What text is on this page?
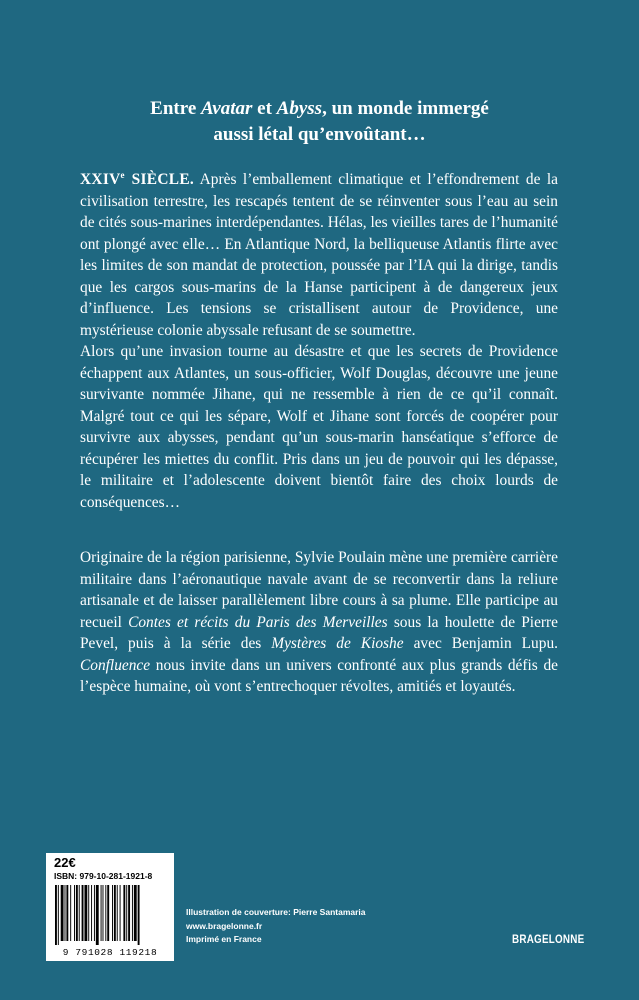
Entre Avatar et Abyss, un monde immergé
aussi létal qu’envoûtant…

XXIVe SIÈCLE. Après l’emballement climatique et l’effondrement de la civilisation terrestre, les rescapés tentent de se réinventer sous l’eau au sein de cités sous-marines interdépendantes. Hélas, les vieilles tares de l’humanité ont plongé avec elle… En Atlantique Nord, la belliqueuse Atlantis flirte avec les limites de son mandat de protection, poussée par l’IA qui la dirige, tandis que les cargos sous-marins de la Hanse participent à de dangereux jeux d’influence. Les tensions se cristallisent autour de Providence, une mystérieuse colonie abyssale refusant de se soumettre.

Alors qu’une invasion tourne au désastre et que les secrets de Providence échappent aux Atlantes, un sous-officier, Wolf Douglas, découvre une jeune survivante nommée Jihane, qui ne ressemble à rien de ce qu’il connaît. Malgré tout ce qui les sépare, Wolf et Jihane sont forcés de coopérer pour survivre aux abysses, pendant qu’un sous-marin hanséatique s’efforce de récupérer les miettes du conflit. Pris dans un jeu de pouvoir qui les dépasse, le militaire et l’adolescente doivent bientôt faire des choix lourds de conséquences…

Originaire de la région parisienne, Sylvie Poulain mène une première carrière militaire dans l’aéronautique navale avant de se reconvertir dans la reliure artisanale et de laisser parallèlement libre cours à sa plume. Elle participe au recueil Contes et récits du Paris des Merveilles sous la houlette de Pierre Pevel, puis à la série des Mystères de Kioshe avec Benjamin Lupu. Confluence nous invite dans un univers confronté aux plus grands défis de l’espèce humaine, où vont s’entrechoquer révoltes, amitiés et loyautés.

22€
ISBN: 979-10-281-1921-8
9 791028 119218
Illustration de couverture: Pierre Santamaria
www.bragelonne.fr
Imprimé en France	BRAGELONNE
